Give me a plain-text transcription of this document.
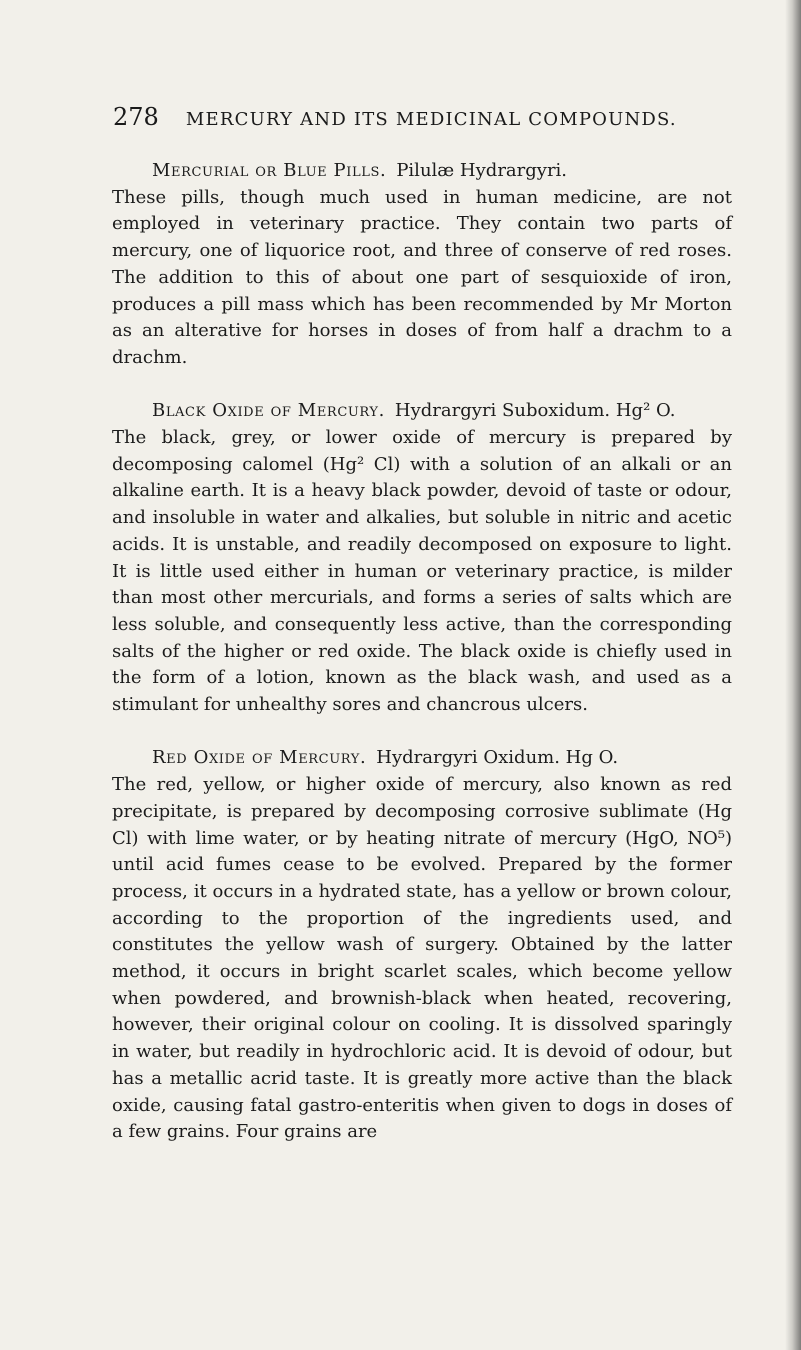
278 MERCURY AND ITS MEDICINAL COMPOUNDS.

Mercurial or Blue Pills. Pilulæ Hydrargyri.

These pills, though much used in human medicine, are not employed in veterinary practice. They contain two parts of mercury, one of liquorice root, and three of conserve of red roses. The addition to this of about one part of sesquioxide of iron, produces a pill mass which has been recommended by Mr Morton as an alterative for horses in doses of from half a drachm to a drachm.

Black Oxide of Mercury. Hydrargyri Suboxidum. Hg² O.

The black, grey, or lower oxide of mercury is prepared by decomposing calomel (Hg² Cl) with a solution of an alkali or an alkaline earth. It is a heavy black powder, devoid of taste or odour, and insoluble in water and alkalies, but soluble in nitric and acetic acids. It is unstable, and readily decomposed on exposure to light. It is little used either in human or veterinary practice, is milder than most other mercurials, and forms a series of salts which are less soluble, and consequently less active, than the corresponding salts of the higher or red oxide. The black oxide is chiefly used in the form of a lotion, known as the black wash, and used as a stimulant for unhealthy sores and chancrous ulcers.

Red Oxide of Mercury. Hydrargyri Oxidum. Hg O.

The red, yellow, or higher oxide of mercury, also known as red precipitate, is prepared by decomposing corrosive sublimate (Hg Cl) with lime water, or by heating nitrate of mercury (HgO, NO⁵) until acid fumes cease to be evolved. Prepared by the former process, it occurs in a hydrated state, has a yellow or brown colour, according to the proportion of the ingredients used, and constitutes the yellow wash of surgery. Obtained by the latter method, it occurs in bright scarlet scales, which become yellow when powdered, and brownish-black when heated, recovering, however, their original colour on cooling. It is dissolved sparingly in water, but readily in hydrochloric acid. It is devoid of odour, but has a metallic acrid taste. It is greatly more active than the black oxide, causing fatal gastro-enteritis when given to dogs in doses of a few grains. Four grains are
